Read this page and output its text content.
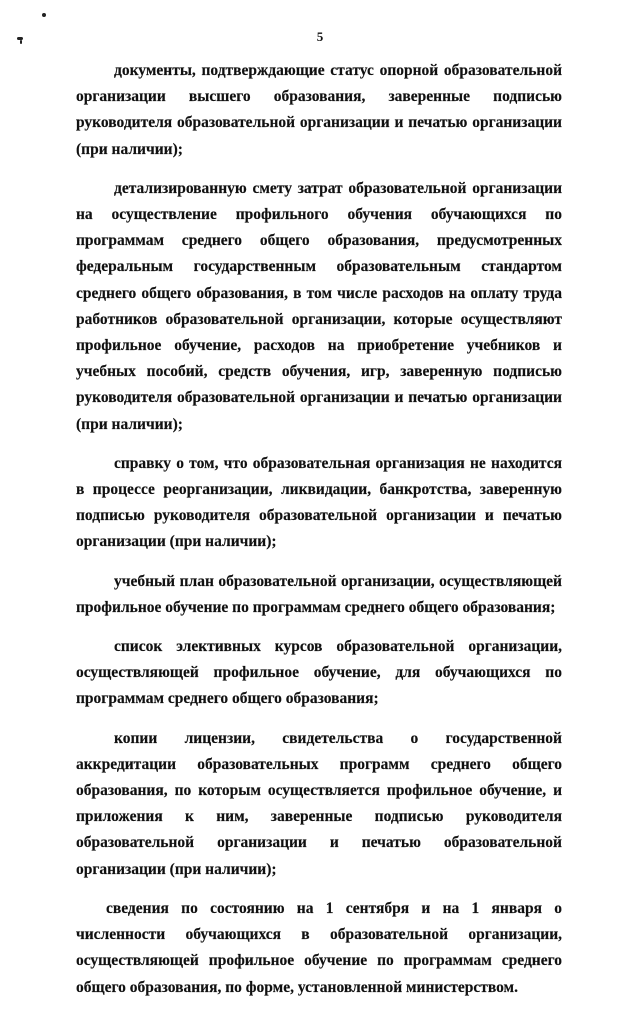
5

документы, подтверждающие статус опорной образовательной организации высшего образования, заверенные подписью руководителя образовательной организации и печатью организации (при наличии);

детализированную смету затрат образовательной организации на осуществление профильного обучения обучающихся по программам среднего общего образования, предусмотренных федеральным государственным образовательным стандартом среднего общего образования, в том числе расходов на оплату труда работников образовательной организации, которые осуществляют профильное обучение, расходов на приобретение учебников и учебных пособий, средств обучения, игр, заверенную подписью руководителя образовательной организации и печатью организации (при наличии);

справку о том, что образовательная организация не находится в процессе реорганизации, ликвидации, банкротства, заверенную подписью руководителя образовательной организации и печатью организации (при наличии);

учебный план образовательной организации, осуществляющей профильное обучение по программам среднего общего образования;

список элективных курсов образовательной организации, осуществляющей профильное обучение, для обучающихся по программам среднего общего образования;

копии лицензии, свидетельства о государственной аккредитации образовательных программ среднего общего образования, по которым осуществляется профильное обучение, и приложения к ним, заверенные подписью руководителя образовательной организации и печатью образовательной организации (при наличии);

сведения по состоянию на 1 сентября и на 1 января о численности обучающихся в образовательной организации, осуществляющей профильное обучение по программам среднего общего образования, по форме, установленной министерством.
